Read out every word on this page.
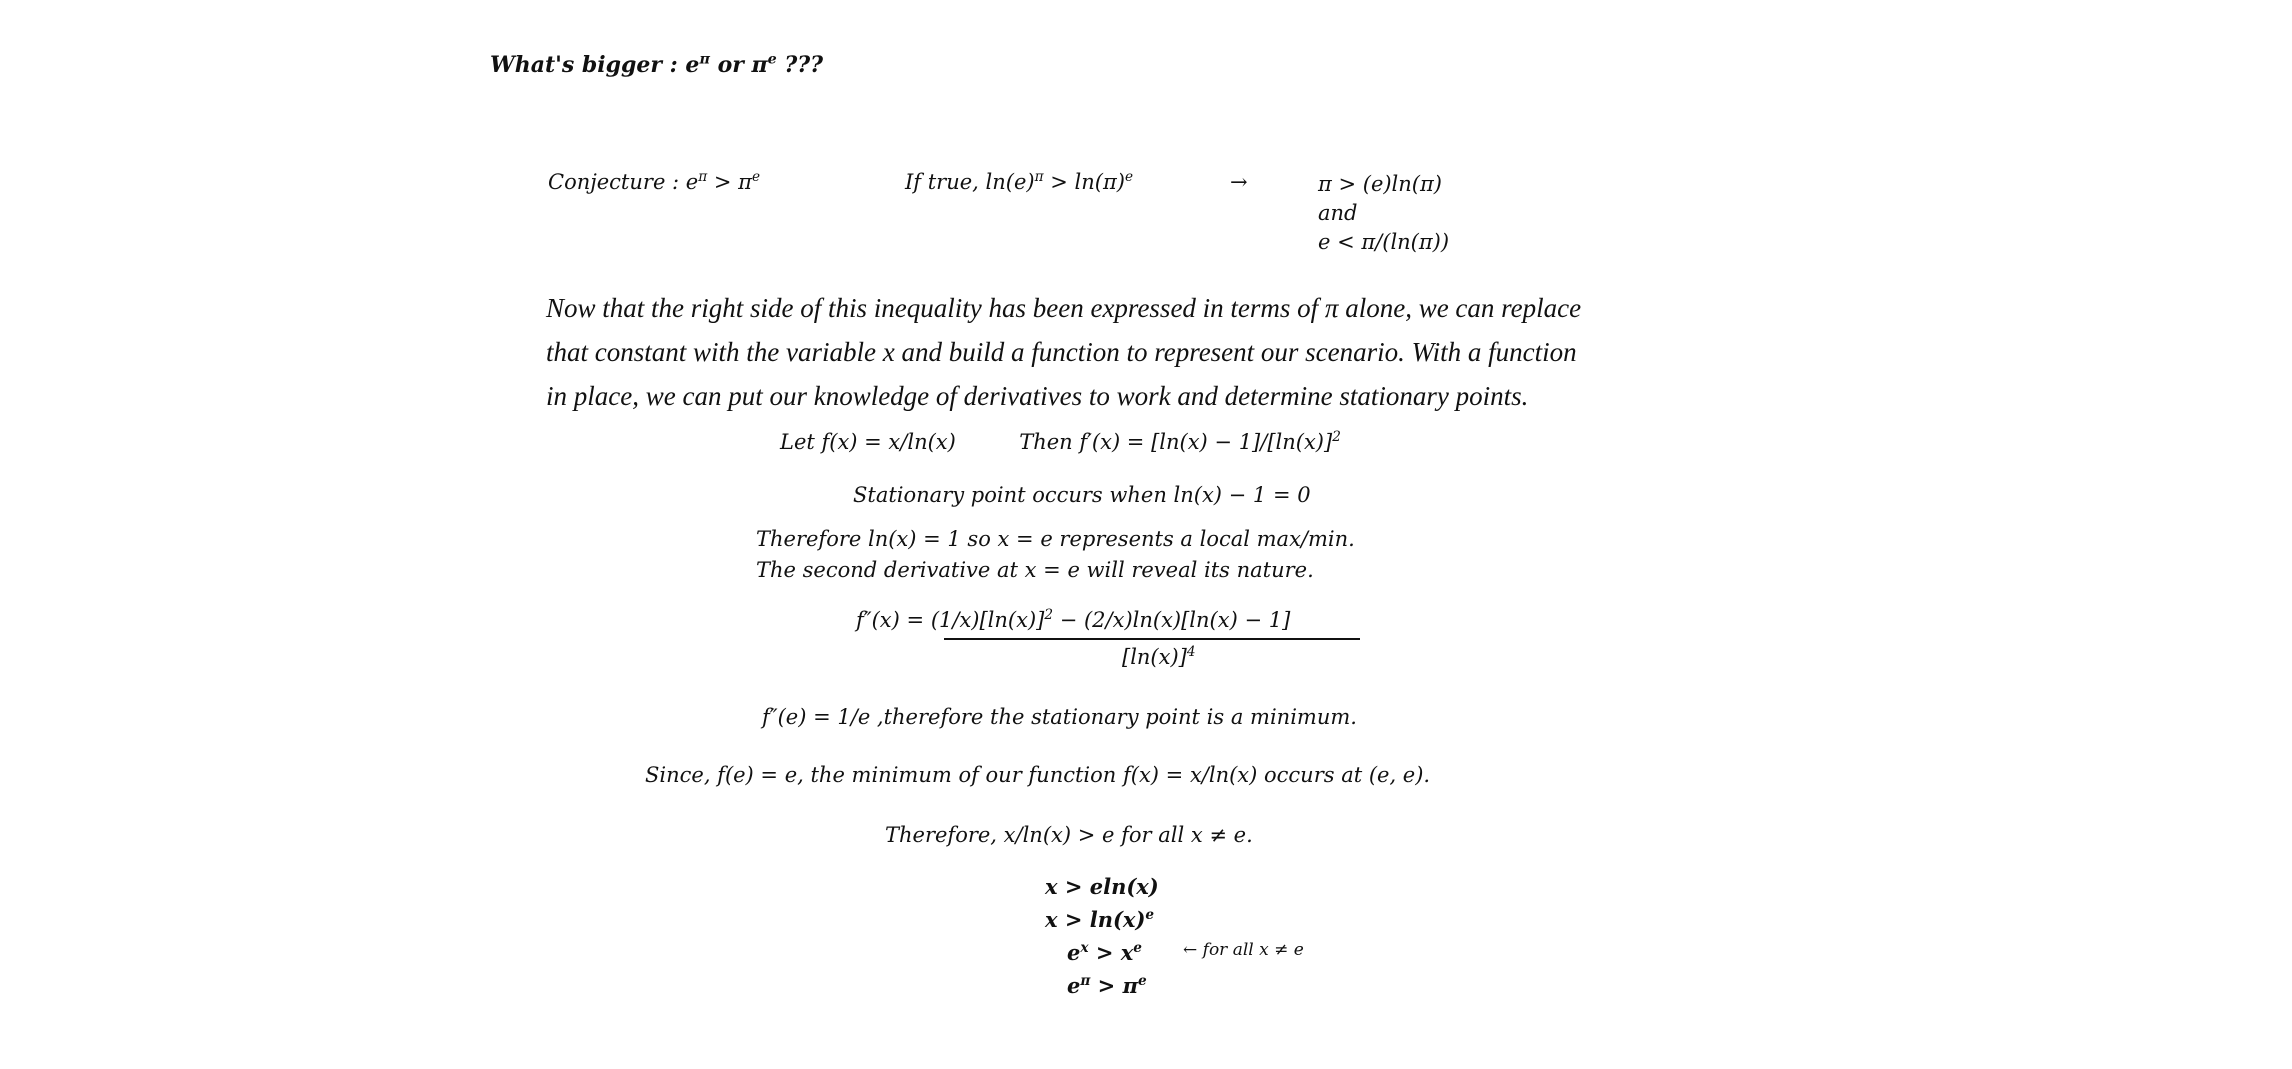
What's bigger : $e^\pi$ or $\pi^e$ ???
Conjecture : $e^\pi > \pi^e$	If true, $\ln(e)^\pi > \ln(\pi)^e$	→	π > (e)ln(π)
and
e < π/(ln(π))
Now that the right side of this inequality has been expressed in terms of π alone, we can replace
that constant with the variable x and build a function to represent our scenario. With a function
in place, we can put our knowledge of derivatives to work and determine stationary points.
Let f(x) = x/ln(x)	Then $f'(x) = [\ln(x) - 1]/[\ln(x)]^2$
Stationary point occurs when ln(x) − 1 = 0
Therefore ln(x) = 1 so x = e represents a local max/min.
The second derivative at x = e will reveal its nature.
$f''(x) = (1/x)[\ln(x)]^2 - (2/x)\ln(x)[\ln(x) - 1]$
$[\ln(x)]^4$
f″(e) = 1/e ,therefore the stationary point is a minimum.
Since, f(e) = e, the minimum of our function f(x) = x/ln(x) occurs at (e, e).
Therefore, x/ln(x) > e for all x ≠ e.
x > eln(x)
$x > \ln(x)^e$
$e^x > x^e$
$e^\pi > \pi^e$
← for all x ≠ e
